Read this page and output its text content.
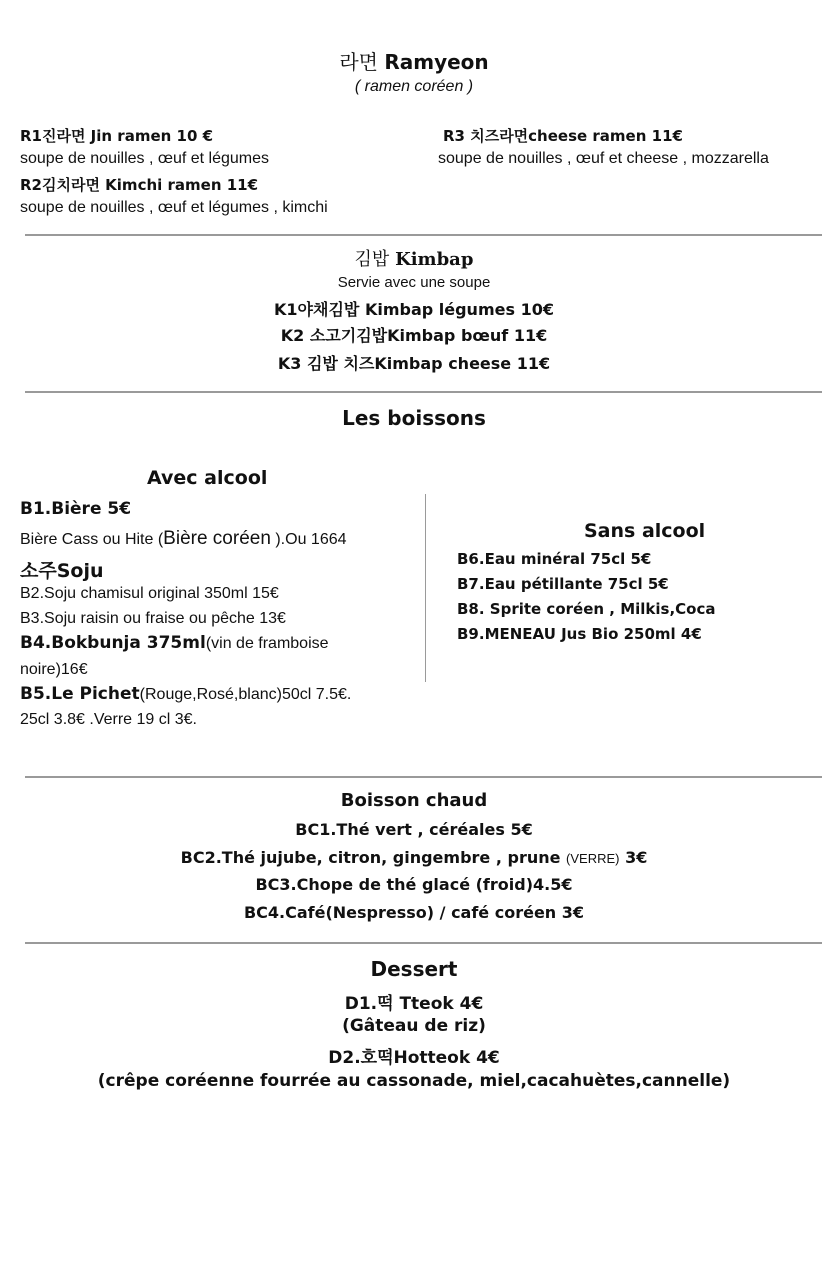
라면 Ramyeon
( ramen coréen )
R1진라면 Jin ramen 10 €
soupe de nouilles , œuf et légumes
R2김치라면 Kimchi ramen 11€
soupe de nouilles , œuf et légumes , kimchi
R3 치즈라면cheese ramen 11€
soupe de nouilles , œuf et cheese , mozzarella
김밥 Kimbap
Servie avec une soupe
K1야채김밥 Kimbap légumes 10€
K2 소고기김밥Kimbap bœuf 11€
K3 김밥 치즈Kimbap cheese 11€
Les boissons
Avec alcool
B1.Bière 5€
Bière Cass ou Hite (Bière coréen ).Ou 1664
소주Soju
B2.Soju chamisul original 350ml 15€
B3.Soju raisin ou fraise ou pêche 13€
B4.Bokbunja 375ml(vin de framboise
noire)16€
B5.Le Pichet(Rouge,Rosé,blanc)50cl 7.5€.
25cl 3.8€ .Verre 19 cl 3€.
Sans alcool
B6.Eau minéral 75cl 5€
B7.Eau pétillante 75cl 5€
B8. Sprite coréen , Milkis,Coca
B9.MENEAU Jus Bio 250ml 4€
Boisson chaud
BC1.Thé vert , céréales 5€
BC2.Thé jujube, citron, gingembre , prune (VERRE) 3€
BC3.Chope de thé glacé (froid)4.5€
BC4.Café(Nespresso) / café coréen 3€
Dessert
D1.떡 Tteok 4€
(Gâteau de riz)
D2.호떡Hotteok 4€
(crêpe coréenne fourrée au cassonade, miel,cacahuètes,cannelle)
